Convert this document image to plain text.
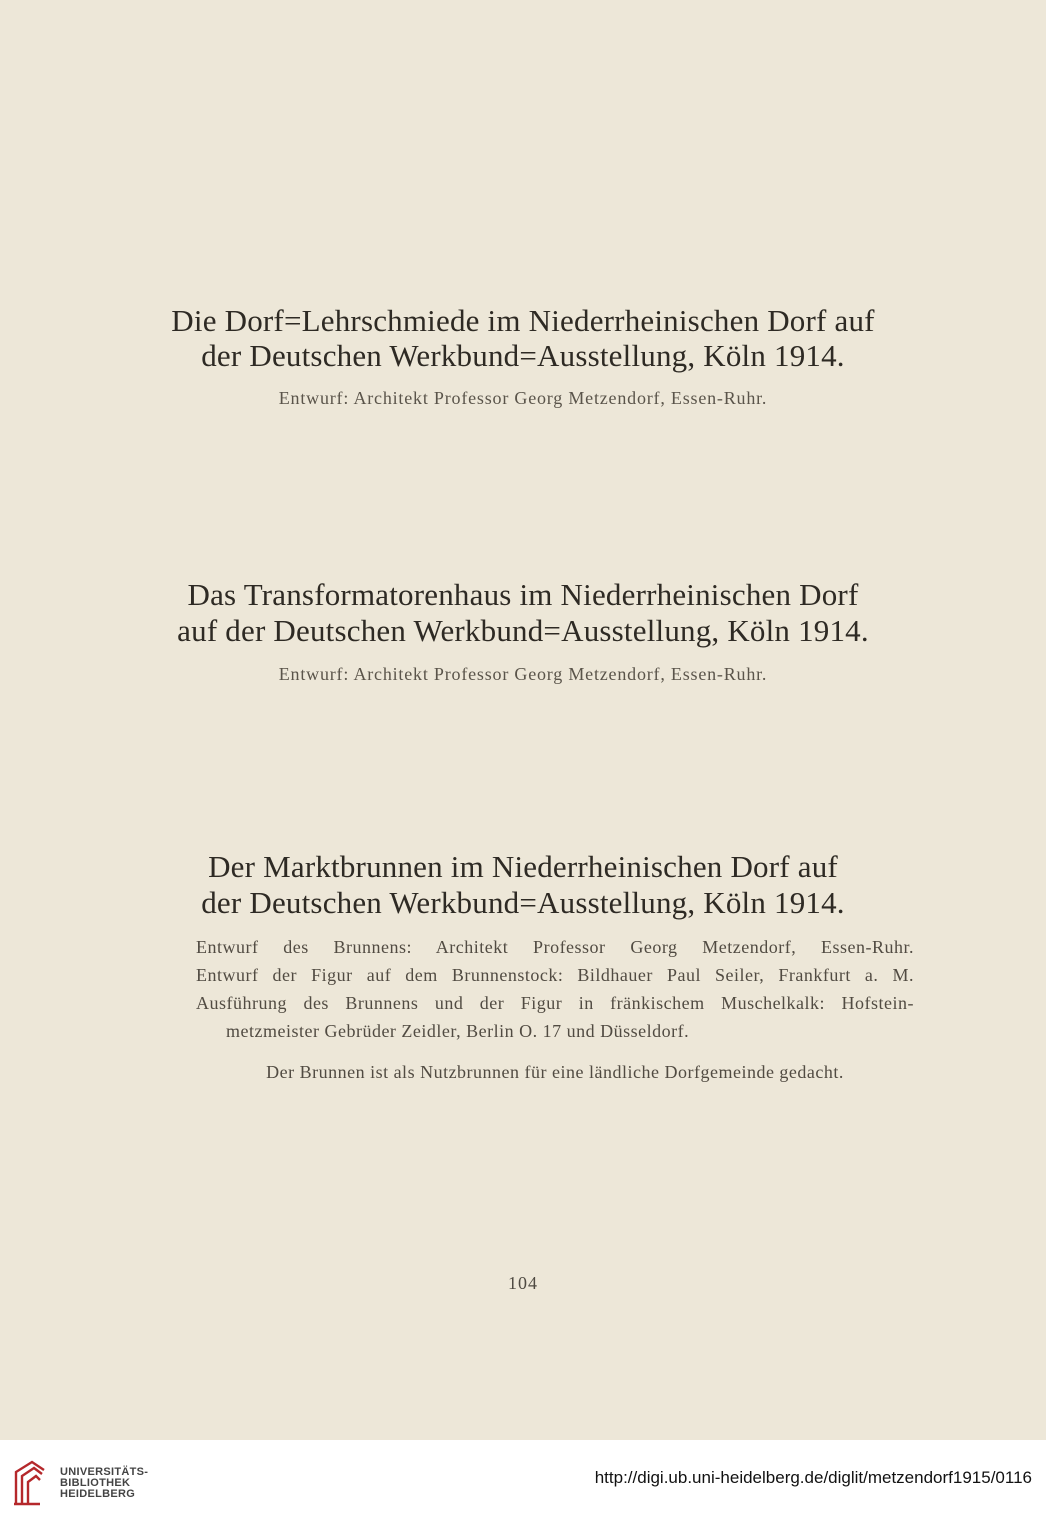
Die Dorf=Lehrschmiede im Niederrheinischen Dorf auf
der Deutschen Werkbund=Ausstellung, Köln 1914.
Entwurf: Architekt Professor Georg Metzendorf, Essen-Ruhr.
Das Transformatorenhaus im Niederrheinischen Dorf
auf der Deutschen Werkbund=Ausstellung, Köln 1914.
Entwurf: Architekt Professor Georg Metzendorf, Essen-Ruhr.
Der Marktbrunnen im Niederrheinischen Dorf auf
der Deutschen Werkbund=Ausstellung, Köln 1914.
Entwurf des Brunnens: Architekt Professor Georg Metzendorf, Essen-Ruhr.
Entwurf der Figur auf dem Brunnenstock: Bildhauer Paul Seiler, Frankfurt a. M.
Ausführung des Brunnens und der Figur in fränkischem Muschelkalk: Hofstein-
metzmeister Gebrüder Zeidler, Berlin O. 17 und Düsseldorf.
Der Brunnen ist als Nutzbrunnen für eine ländliche Dorfgemeinde gedacht.
104
UNIVERSITÄTS-
BIBLIOTHEK
HEIDELBERG
http://digi.ub.uni-heidelberg.de/diglit/metzendorf1915/0116
